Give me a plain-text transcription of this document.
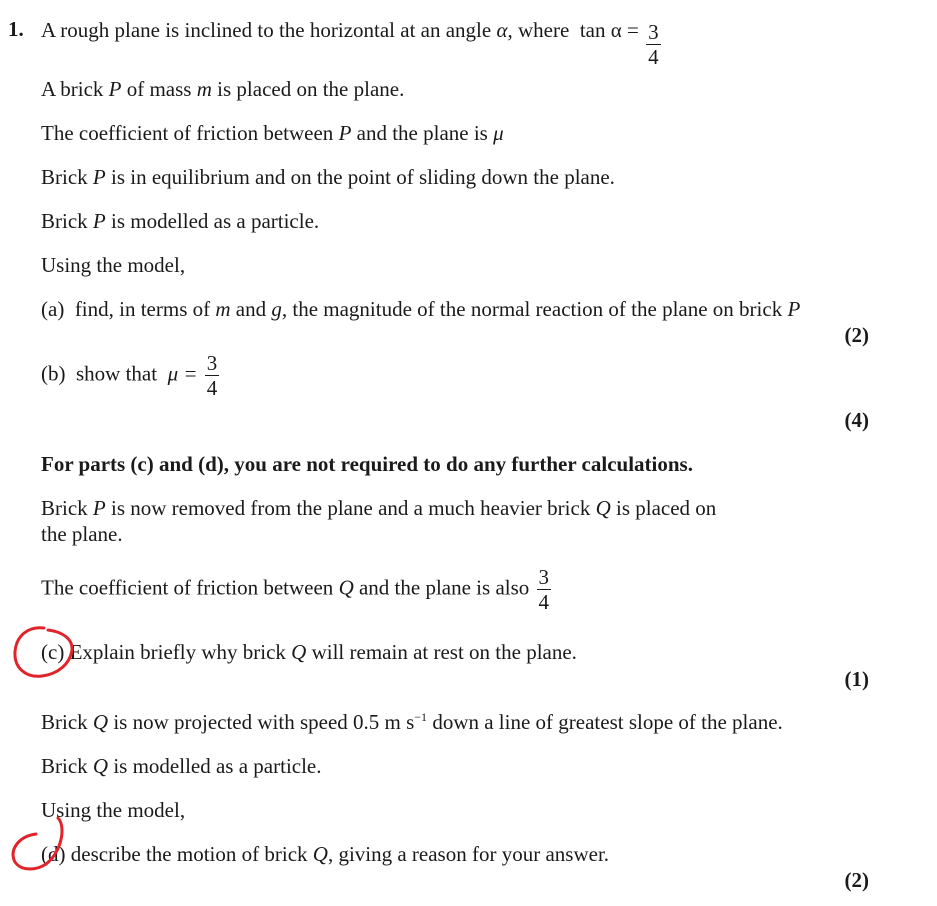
1. A rough plane is inclined to the horizontal at an angle α, where $\tan \alpha = \frac{3}{4}$
A brick P of mass m is placed on the plane.
The coefficient of friction between P and the plane is μ
Brick P is in equilibrium and on the point of sliding down the plane.
Brick P is modelled as a particle.
Using the model,
(a) find, in terms of m and g, the magnitude of the normal reaction of the plane on brick P
(2)
(b) show that $\mu = \frac{3}{4}$
(4)
For parts (c) and (d), you are not required to do any further calculations.
Brick P is now removed from the plane and a much heavier brick Q is placed on
the plane.
The coefficient of friction between Q and the plane is also $\frac{3}{4}$
(c) Explain briefly why brick Q will remain at rest on the plane.
(1)
Brick Q is now projected with speed 0.5 m $s^{-1}$ down a line of greatest slope of the plane.
Brick Q is modelled as a particle.
Using the model,
(d) describe the motion of brick Q, giving a reason for your answer.
(2)
